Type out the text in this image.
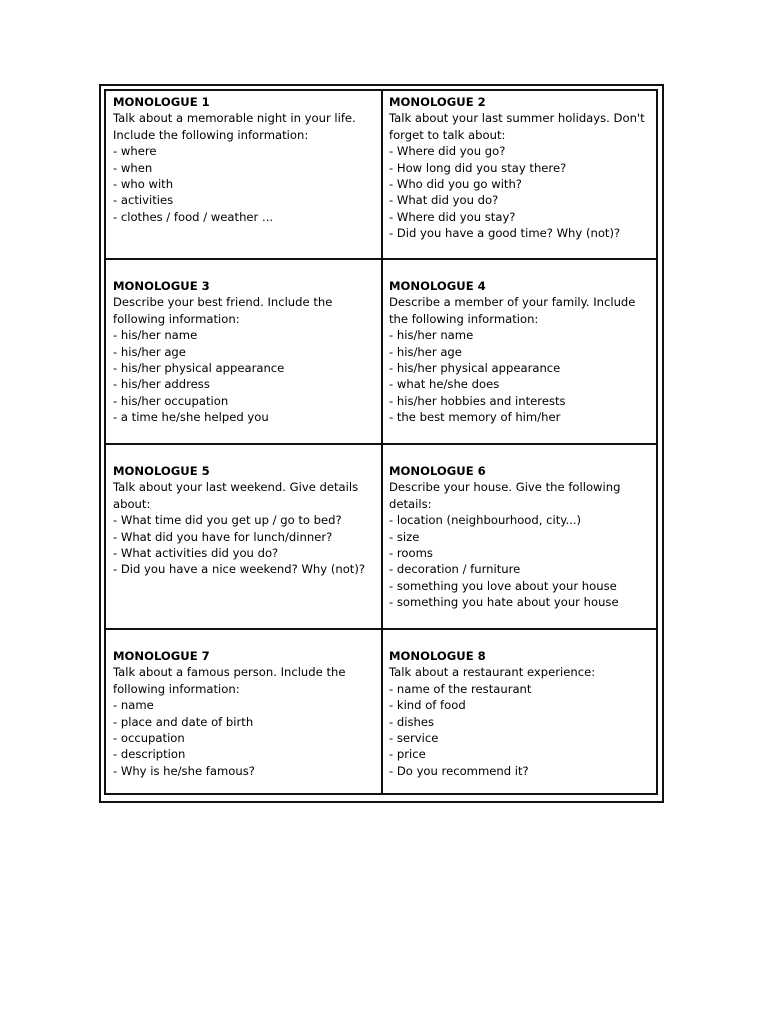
MONOLOGUE 1
Talk about a memorable night in your life.
Include the following information:
- where
- when
- who with
- activities
- clothes / food / weather ...
MONOLOGUE 2
Talk about your last summer holidays. Don't
forget to talk about:
- Where did you go?
- How long did you stay there?
- Who did you go with?
- What did you do?
- Where did you stay?
- Did you have a good time? Why (not)?
MONOLOGUE 3
Describe your best friend. Include the
following information:
- his/her name
- his/her age
- his/her physical appearance
- his/her address
- his/her occupation
- a time he/she helped you
MONOLOGUE 4
Describe a member of your family. Include
the following information:
- his/her name
- his/her age
- his/her physical appearance
- what he/she does
- his/her hobbies and interests
- the best memory of him/her
MONOLOGUE 5
Talk about your last weekend. Give details
about:
- What time did you get up / go to bed?
- What did you have for lunch/dinner?
- What activities did you do?
- Did you have a nice weekend? Why (not)?
MONOLOGUE 6
Describe your house. Give the following
details:
- location (neighbourhood, city...)
- size
- rooms
- decoration / furniture
- something you love about your house
- something you hate about your house
MONOLOGUE 7
Talk about a famous person. Include the
following information:
- name
- place and date of birth
- occupation
- description
- Why is he/she famous?
MONOLOGUE 8
Talk about a restaurant experience:
- name of the restaurant
- kind of food
- dishes
- service
- price
- Do you recommend it?
